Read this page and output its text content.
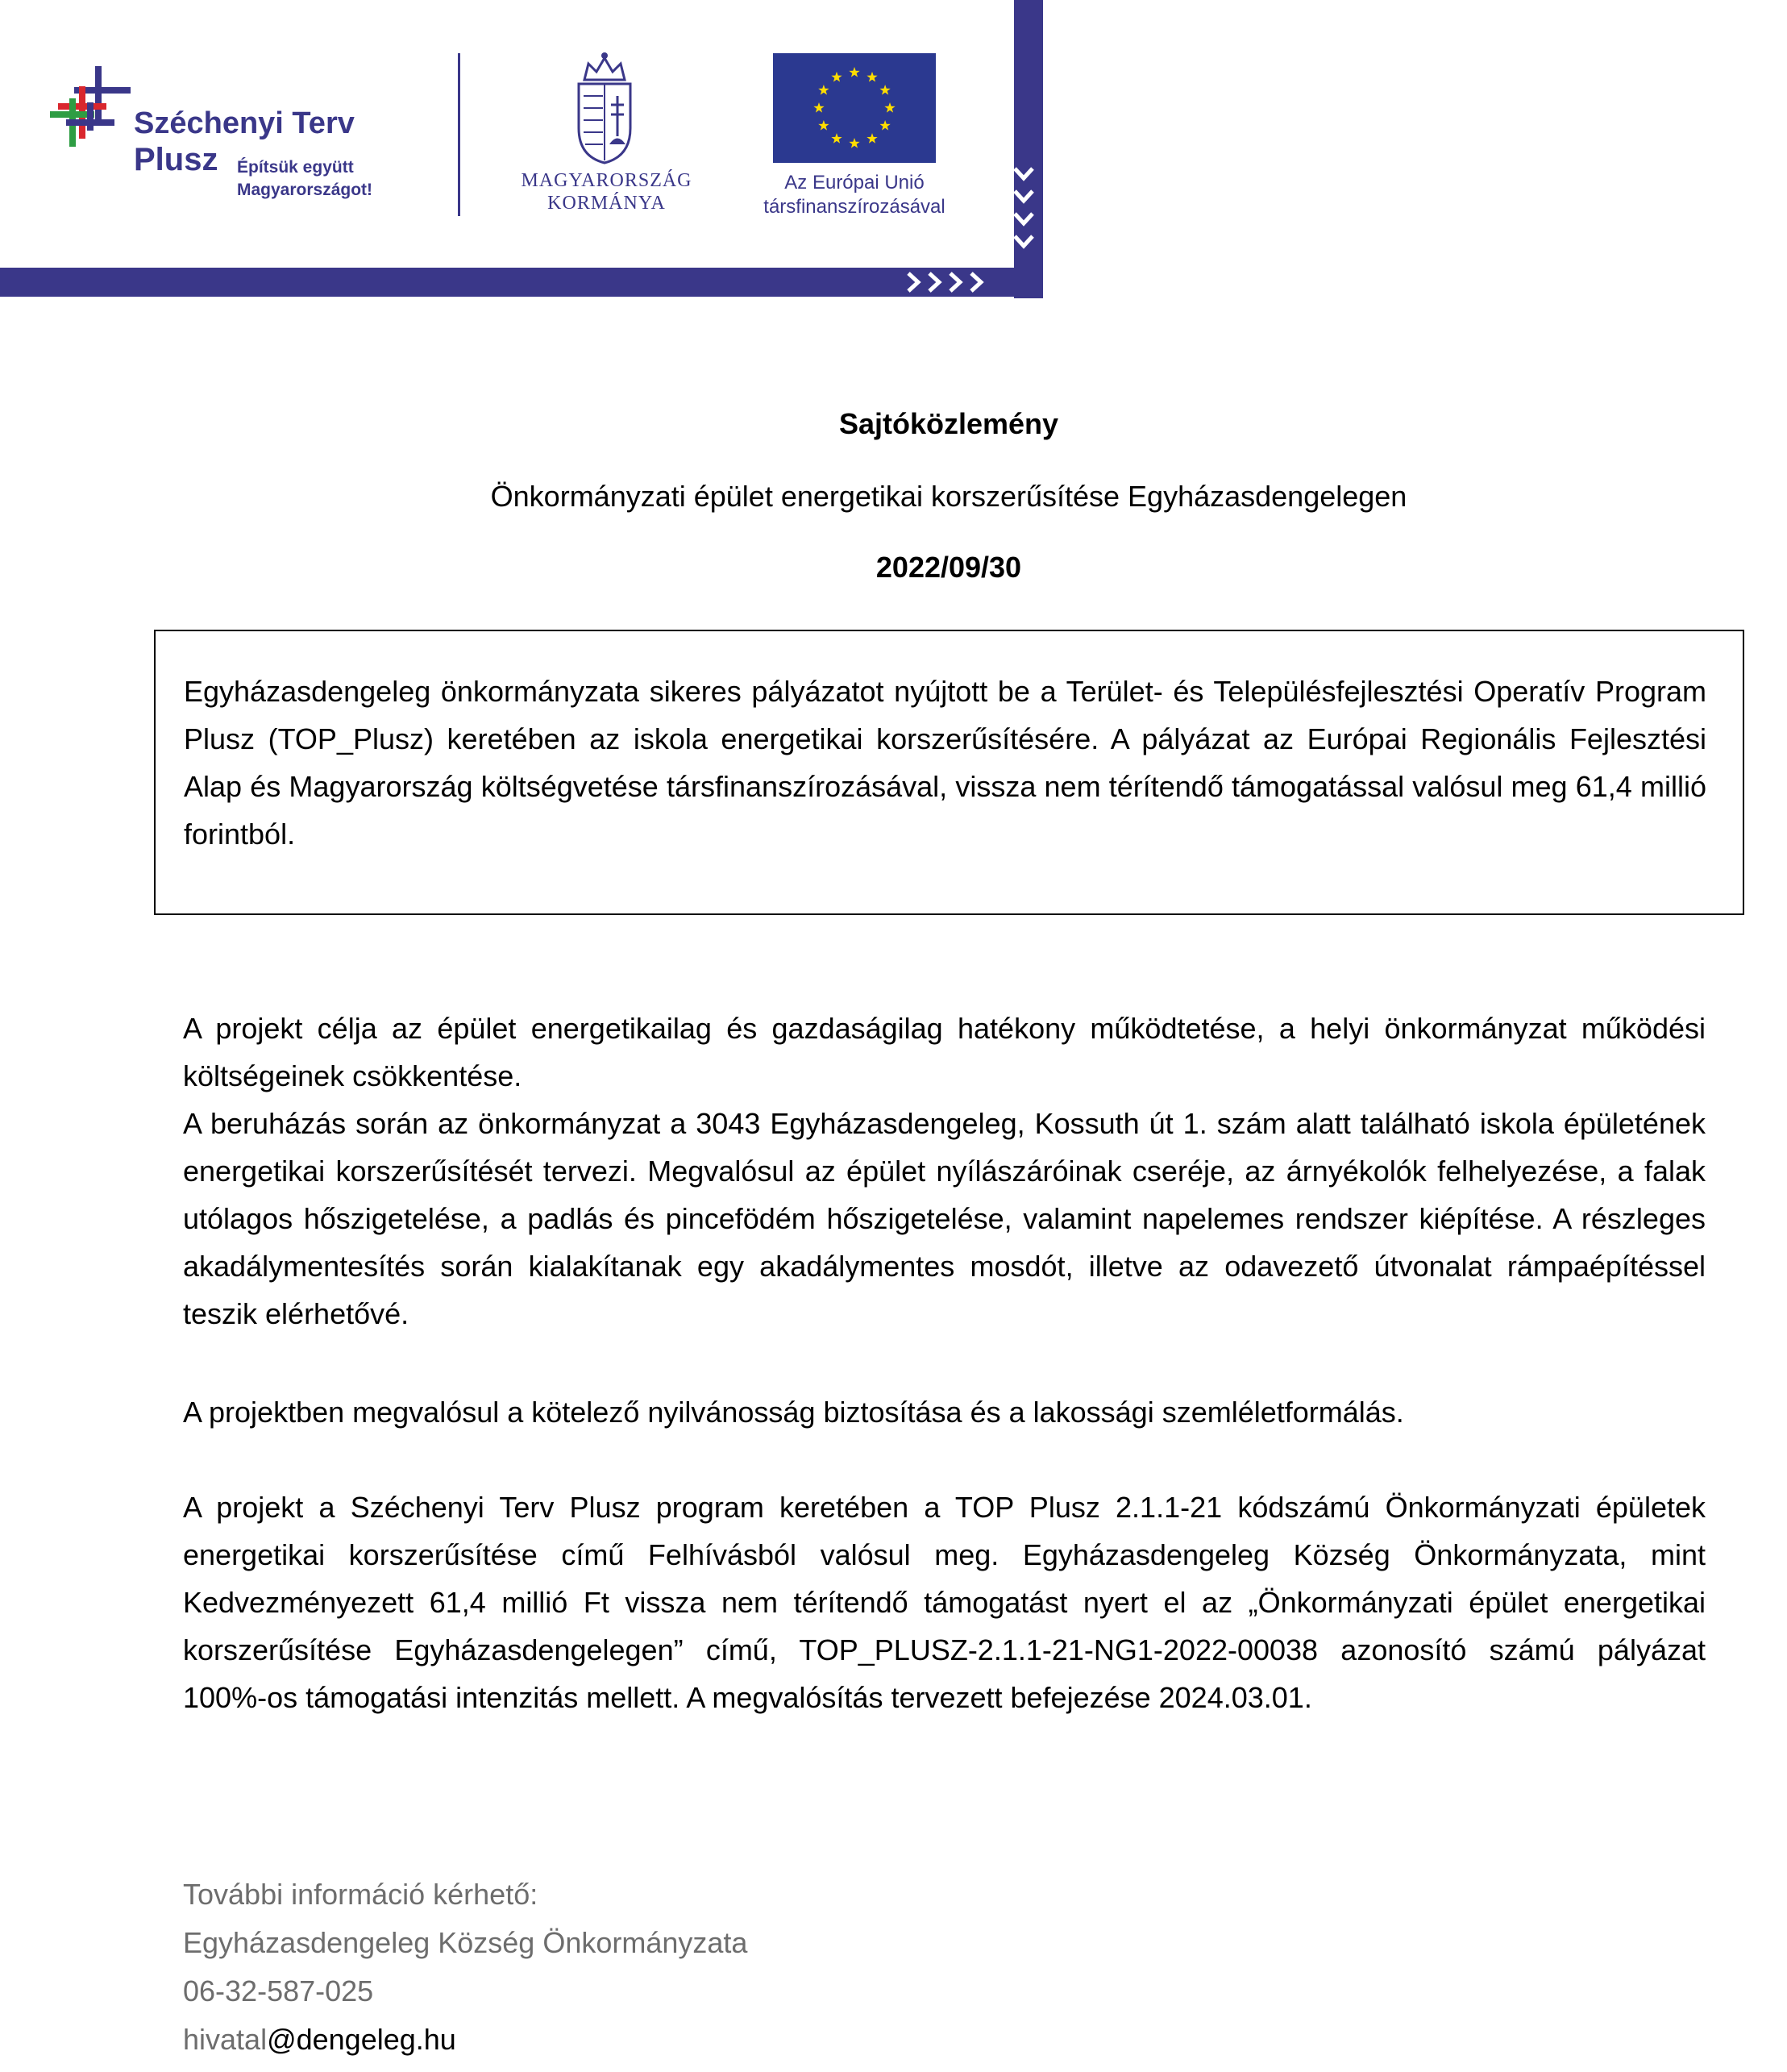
Széchenyi Terv
Plusz Építsük együtt
Magyarországot!	MAGYARORSZÁG
KORMÁNYA
Az Európai Unió
társfinanszírozásával
Sajtóközlemény
Önkormányzati épület energetikai korszerűsítése Egyházasdengelegen
2022/09/30
Egyházasdengeleg önkormányzata sikeres pályázatot nyújtott be a Terület- és Településfejlesztési Operatív Program Plusz (TOP_Plusz) keretében az iskola energetikai korszerűsítésére. A pályázat az Európai Regionális Fejlesztési Alap és Magyarország költségvetése társfinanszírozásával, vissza nem térítendő támogatással valósul meg 61,4 millió forintból.

A projekt célja az épület energetikailag és gazdaságilag hatékony működtetése, a helyi önkormányzat működési költségeinek csökkentése.

A beruházás során az önkormányzat a 3043 Egyházasdengeleg, Kossuth út 1. szám alatt található iskola épületének energetikai korszerűsítését tervezi. Megvalósul az épület nyílászáróinak cseréje, az árnyékolók felhelyezése, a falak utólagos hőszigetelése, a padlás és pincefödém hőszigetelése, valamint napelemes rendszer kiépítése. A részleges akadálymentesítés során kialakítanak egy akadálymentes mosdót, illetve az odavezető útvonalat rámpaépítéssel teszik elérhetővé.

A projektben megvalósul a kötelező nyilvánosság biztosítása és a lakossági szemléletformálás.

A projekt a Széchenyi Terv Plusz program keretében a TOP Plusz 2.1.1-21 kódszámú Önkormányzati épületek energetikai korszerűsítése című Felhívásból valósul meg. Egyházasdengeleg Község Önkormányzata, mint Kedvezményezett 61,4 millió Ft vissza nem térítendő támogatást nyert el az „Önkormányzati épület energetikai korszerűsítése Egyházasdengelegen” című, TOP_PLUSZ-2.1.1-21-NG1-2022-00038 azonosító számú pályázat 100%-os támogatási intenzitás mellett. A megvalósítás tervezett befejezése 2024.03.01.

További információ kérhető:
Egyházasdengeleg Község Önkormányzata
06-32-587-025
hivatal@dengeleg.hu
